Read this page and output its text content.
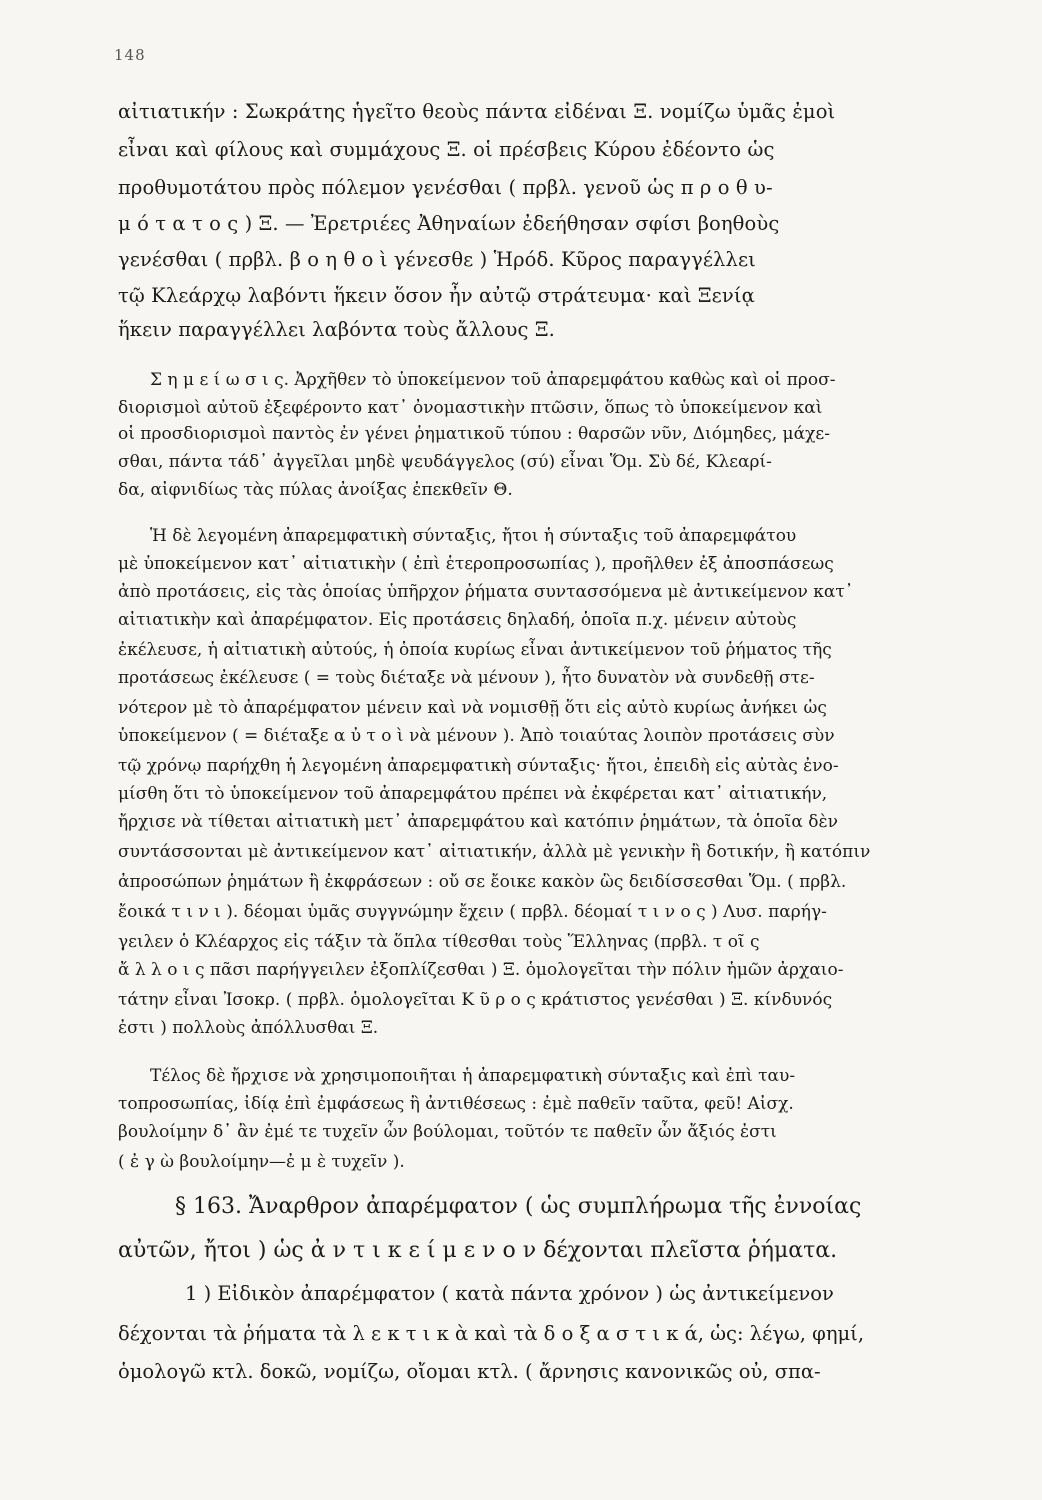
148
αἰτιατικήν : Σωκράτης ἡγεῖτο θεοὺς πάντα εἰδέναι Ξ. νομίζω ὑμᾶς ἐμοὶ
εἶναι καὶ φίλους καὶ συμμάχους Ξ. οἱ πρέσβεις Κύρου ἐδέοντο ὡς
προθυμοτάτου πρὸς πόλεμον γενέσθαι ( πρβλ. γενοῦ ὡς π ρ ο θ υ-
μ ό τ α τ ο ς ) Ξ. — Ἐρετριέες Ἀθηναίων ἐδεήθησαν σφίσι βοηθοὺς
γενέσθαι ( πρβλ. β ο η θ ο ὶ γένεσθε ) Ἡρόδ. Κῦρος παραγγέλλει
τῷ Κλεάρχῳ λαβόντι ἥκειν ὅσον ἦν αὐτῷ στράτευμα· καὶ Ξενίᾳ
ἥκειν παραγγέλλει λαβόντα τοὺς ἄλλους Ξ.
Σ η μ ε ί ω σ ι ς. Ἀρχῆθεν τὸ ὑποκείμενον τοῦ ἀπαρεμφάτου καθὼς καὶ οἱ προσ-
διορισμοὶ αὐτοῦ ἐξεφέροντο κατ᾿ ὀνομαστικὴν πτῶσιν, ὅπως τὸ ὑποκείμενον καὶ
οἱ προσδιορισμοὶ παντὸς ἐν γένει ῥηματικοῦ τύπου : θαρσῶν νῦν, Διόμηδες, μάχε-
σθαι, πάντα τάδ᾿ ἀγγεῖλαι μηδὲ ψευδάγγελος (σύ) εἶναι Ὅμ. Σὺ δέ, Κλεαρί-
δα, αἰφνιδίως τὰς πύλας ἀνοίξας ἐπεκθεῖν Θ.
Ἡ δὲ λεγομένη ἀπαρεμφατικὴ σύνταξις, ἤτοι ἡ σύνταξις τοῦ ἀπαρεμφάτου
μὲ ὑποκείμενον κατ᾿ αἰτιατικὴν ( ἐπὶ ἑτεροπροσωπίας ), προῆλθεν ἐξ ἀποσπάσεως
ἀπὸ προτάσεις, εἰς τὰς ὁποίας ὑπῆρχον ῥήματα συντασσόμενα μὲ ἀντικείμενον κατ᾿
αἰτιατικὴν καὶ ἀπαρέμφατον. Εἰς προτάσεις δηλαδή, ὁποῖα π.χ. μένειν αὐτοὺς
ἐκέλευσε, ἡ αἰτιατικὴ αὐτούς, ἡ ὁποία κυρίως εἶναι ἀντικείμενον τοῦ ῥήματος τῆς
προτάσεως ἐκέλευσε ( = τοὺς διέταξε νὰ μένουν ), ἦτο δυνατὸν νὰ συνδεθῇ στε-
νότερον μὲ τὸ ἀπαρέμφατον μένειν καὶ νὰ νομισθῇ ὅτι εἰς αὐτὸ κυρίως ἀνήκει ὡς
ὑποκείμενον ( = διέταξε α ὐ τ ο ὶ νὰ μένουν ). Ἀπὸ τοιαύτας λοιπὸν προτάσεις σὺν
τῷ χρόνῳ παρήχθη ἡ λεγομένη ἀπαρεμφατικὴ σύνταξις· ἤτοι, ἐπειδὴ εἰς αὐτὰς ἐνο-
μίσθη ὅτι τὸ ὑποκείμενον τοῦ ἀπαρεμφάτου πρέπει νὰ ἐκφέρεται κατ᾿ αἰτιατικήν,
ἤρχισε νὰ τίθεται αἰτιατικὴ μετ᾿ ἀπαρεμφάτου καὶ κατόπιν ῥημάτων, τὰ ὁποῖα δὲν
συντάσσονται μὲ ἀντικείμενον κατ᾿ αἰτιατικήν, ἀλλὰ μὲ γενικὴν ἢ δοτικήν, ἢ κατόπιν
ἀπροσώπων ῥημάτων ἢ ἐκφράσεων : οὔ σε ἔοικε κακὸν ὣς δειδίσσεσθαι Ὅμ. ( πρβλ.
ἔοικά τ ι ν ι ). δέομαι ὑμᾶς συγγνώμην ἔχειν ( πρβλ. δέομαί τ ι ν ο ς ) Λυσ. παρήγ-
γειλεν ὁ Κλέαρχος εἰς τάξιν τὰ ὅπλα τίθεσθαι τοὺς Ἕλληνας (πρβλ. τ οῖ ς
ἄ λ λ ο ι ς πᾶσι παρήγγειλεν ἐξοπλίζεσθαι ) Ξ. ὁμολογεῖται τὴν πόλιν ἡμῶν ἀρχαιο-
τάτην εἶναι Ἰσοκρ. ( πρβλ. ὁμολογεῖται Κ ῦ ρ ο ς κράτιστος γενέσθαι ) Ξ. κίνδυνός
ἐστι ) πολλοὺς ἀπόλλυσθαι Ξ.
Τέλος δὲ ἤρχισε νὰ χρησιμοποιῆται ἡ ἀπαρεμφατικὴ σύνταξις καὶ ἐπὶ ταυ-
τοπροσωπίας, ἰδίᾳ ἐπὶ ἐμφάσεως ἢ ἀντιθέσεως : ἐμὲ παθεῖν ταῦτα, φεῦ! Αἰσχ.
βουλοίμην δ᾿ ἂν ἐμέ τε τυχεῖν ὧν βούλομαι, τοῦτόν τε παθεῖν ὧν ἄξιός ἐστι
( ἐ γ ὼ βουλοίμην—ἐ μ ὲ τυχεῖν ).
§ 163. Ἄναρθρον ἀπαρέμφατον ( ὡς συμπλήρωμα τῆς ἐννοίας
αὐτῶν, ἤτοι ) ὡς ἀ ν τ ι κ ε ί μ ε ν ο ν δέχονται πλεῖστα ῥήματα.
1 ) Εἰδικὸν ἀπαρέμφατον ( κατὰ πάντα χρόνον ) ὡς ἀντικείμενον
δέχονται τὰ ῥήματα τὰ λ ε κ τ ι κ ὰ καὶ τὰ δ ο ξ α σ τ ι κ ά, ὡς: λέγω, φημί,
ὁμολογῶ κτλ. δοκῶ, νομίζω, οἴομαι κτλ. ( ἄρνησις κανονικῶς οὐ, σπα-
